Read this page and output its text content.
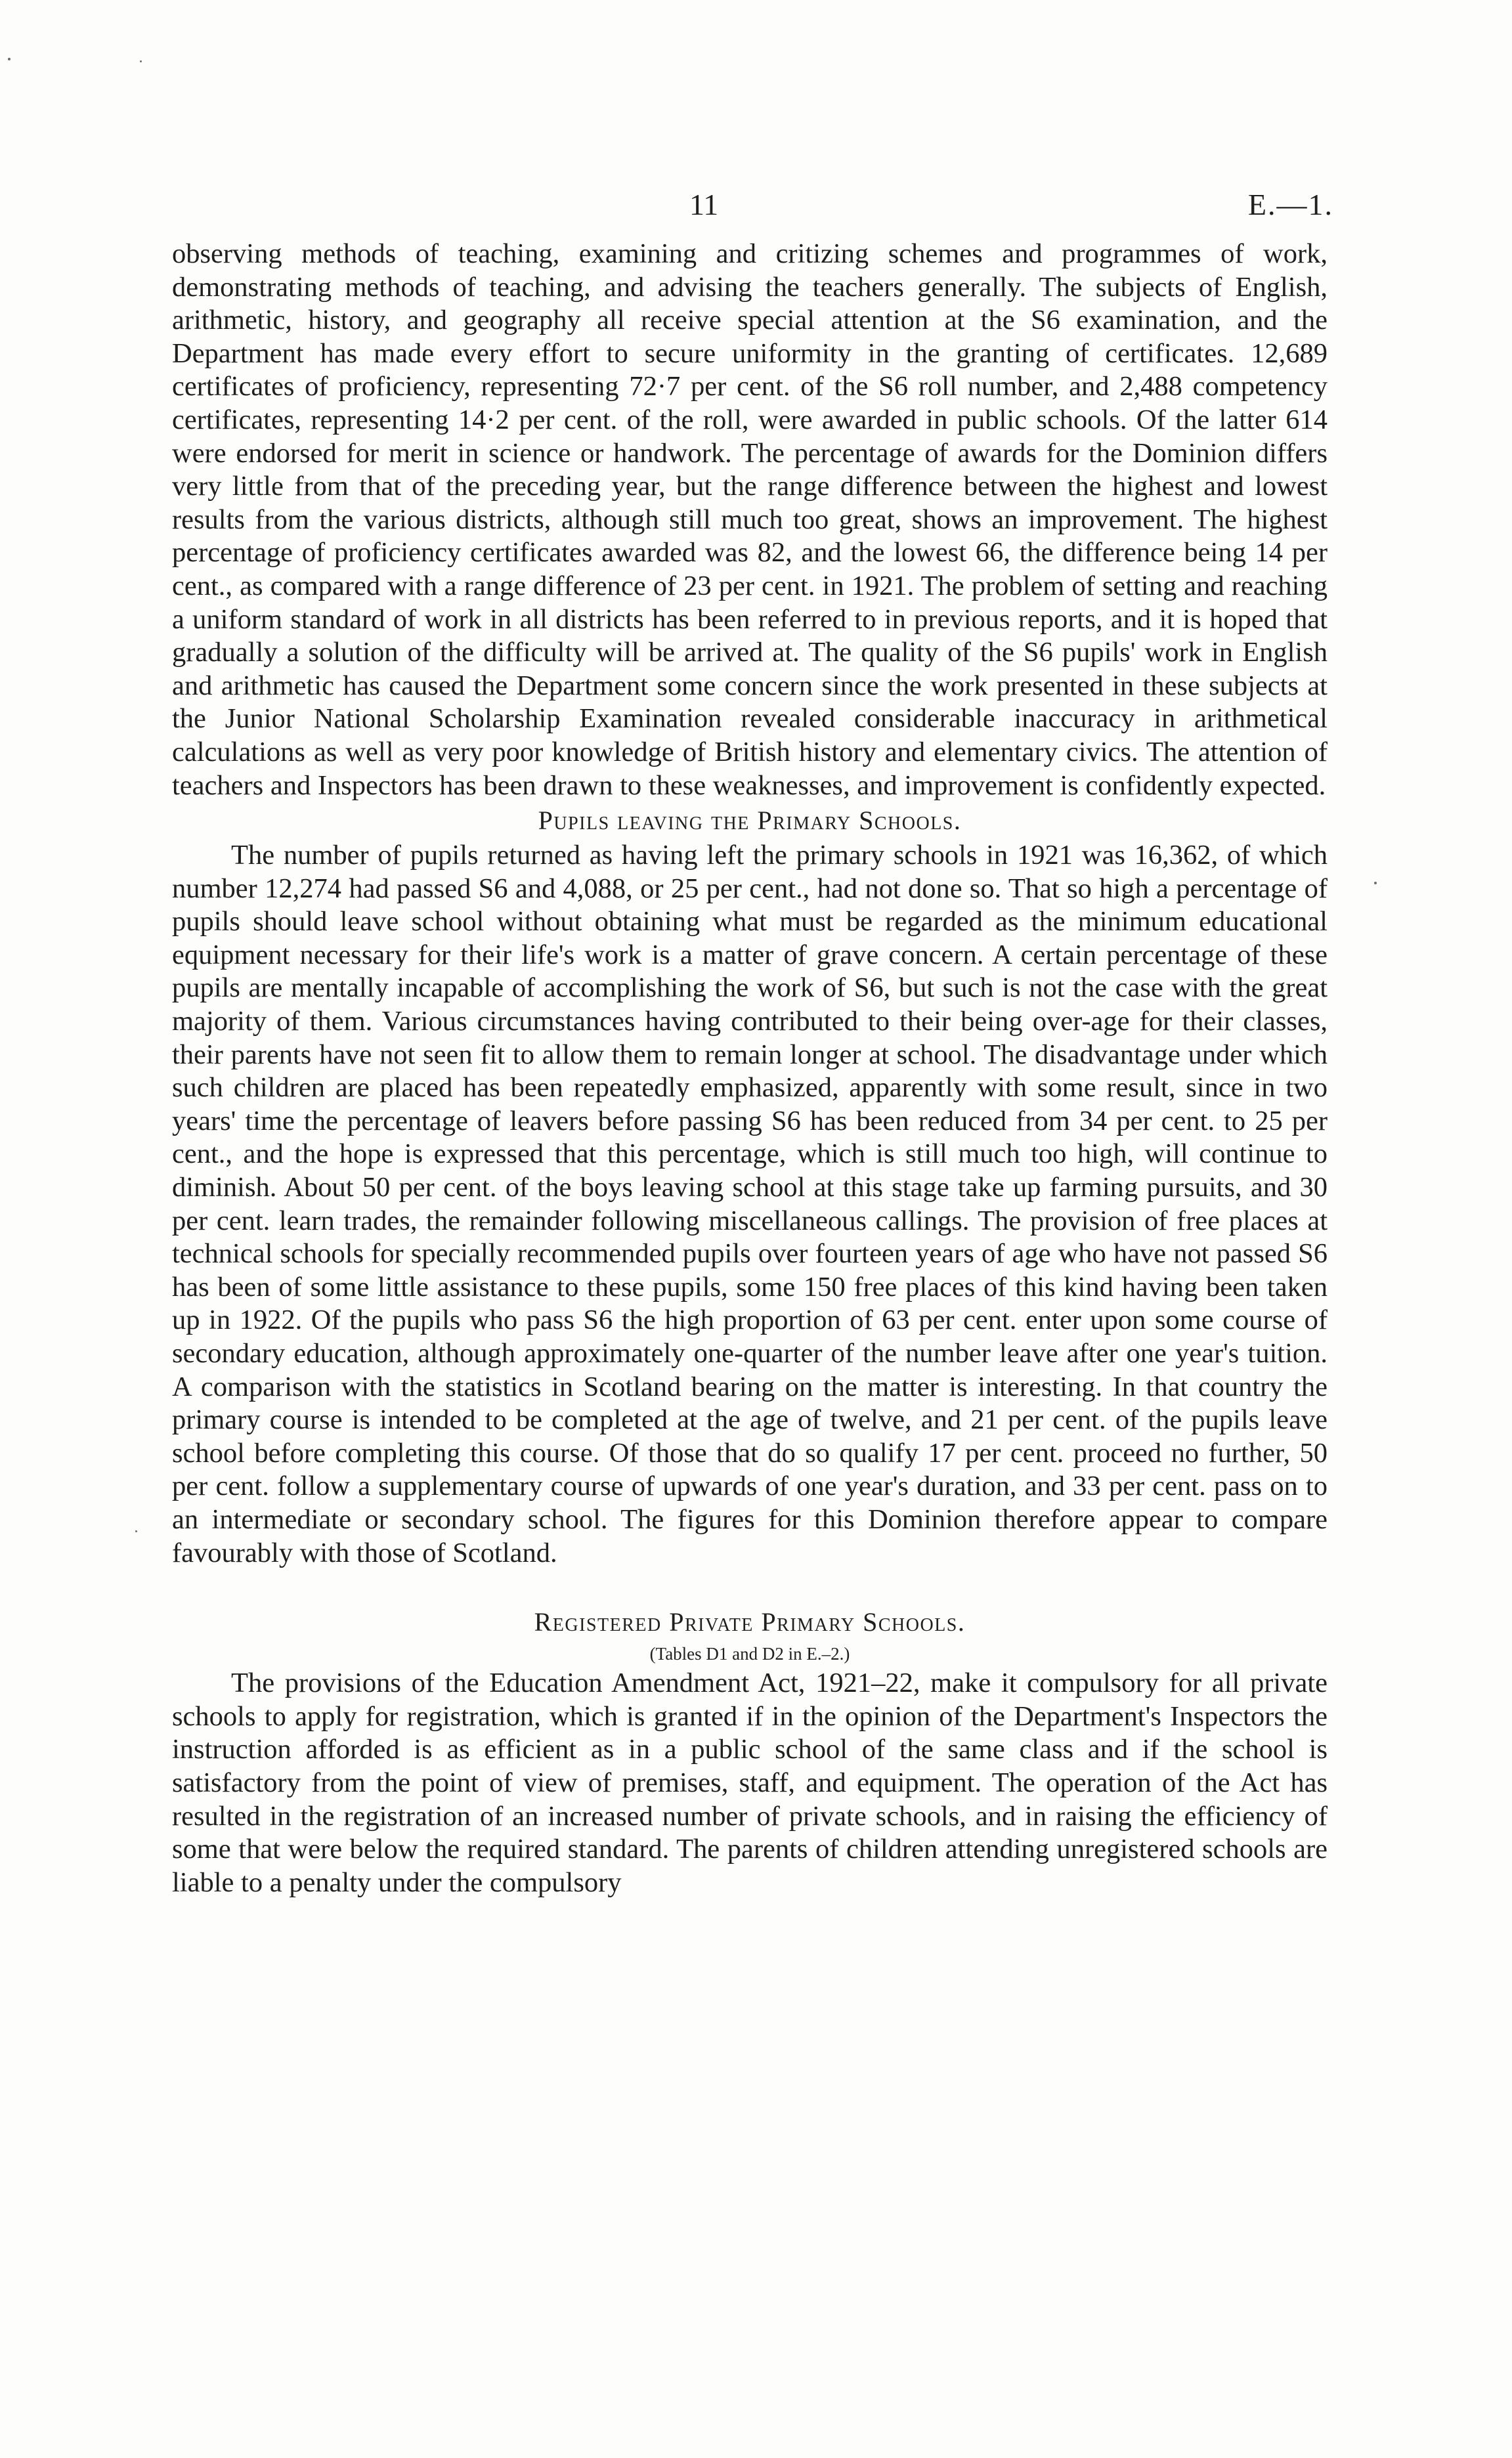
11	E.—1.

observing methods of teaching, examining and critizing schemes and programmes of work, demonstrating methods of teaching, and advising the teachers generally. The subjects of English, arithmetic, history, and geography all receive special attention at the S6 examination, and the Department has made every effort to secure uniformity in the granting of certificates. 12,689 certificates of proficiency, representing 72·7 per cent. of the S6 roll number, and 2,488 competency certificates, representing 14·2 per cent. of the roll, were awarded in public schools. Of the latter 614 were endorsed for merit in science or handwork. The percentage of awards for the Dominion differs very little from that of the preceding year, but the range difference between the highest and lowest results from the various districts, although still much too great, shows an improvement. The highest percentage of proficiency certificates awarded was 82, and the lowest 66, the difference being 14 per cent., as compared with a range difference of 23 per cent. in 1921. The problem of setting and reaching a uniform standard of work in all districts has been referred to in previous reports, and it is hoped that gradually a solution of the difficulty will be arrived at. The quality of the S6 pupils' work in English and arithmetic has caused the Department some concern since the work presented in these subjects at the Junior National Scholarship Examination revealed considerable inaccuracy in arithmetical calculations as well as very poor knowledge of British history and elementary civics. The attention of teachers and Inspectors has been drawn to these weaknesses, and improvement is confidently expected.

Pupils leaving the Primary Schools.

The number of pupils returned as having left the primary schools in 1921 was 16,362, of which number 12,274 had passed S6 and 4,088, or 25 per cent., had not done so. That so high a percentage of pupils should leave school without obtaining what must be regarded as the minimum educational equipment necessary for their life's work is a matter of grave concern. A certain percentage of these pupils are mentally incapable of accomplishing the work of S6, but such is not the case with the great majority of them. Various circumstances having contributed to their being over-age for their classes, their parents have not seen fit to allow them to remain longer at school. The disadvantage under which such children are placed has been repeatedly emphasized, apparently with some result, since in two years' time the percentage of leavers before passing S6 has been reduced from 34 per cent. to 25 per cent., and the hope is expressed that this percentage, which is still much too high, will continue to diminish. About 50 per cent. of the boys leaving school at this stage take up farming pursuits, and 30 per cent. learn trades, the remainder following miscellaneous callings. The provision of free places at technical schools for specially recommended pupils over fourteen years of age who have not passed S6 has been of some little assistance to these pupils, some 150 free places of this kind having been taken up in 1922. Of the pupils who pass S6 the high proportion of 63 per cent. enter upon some course of secondary education, although approximately one-quarter of the number leave after one year's tuition. A comparison with the statistics in Scotland bearing on the matter is interesting. In that country the primary course is intended to be completed at the age of twelve, and 21 per cent. of the pupils leave school before completing this course. Of those that do so qualify 17 per cent. proceed no further, 50 per cent. follow a supplementary course of upwards of one year's duration, and 33 per cent. pass on to an intermediate or secondary school. The figures for this Dominion therefore appear to compare favourably with those of Scotland.

Registered Private Primary Schools.
(Tables D1 and D2 in E.–2.)

The provisions of the Education Amendment Act, 1921–22, make it compulsory for all private schools to apply for registration, which is granted if in the opinion of the Department's Inspectors the instruction afforded is as efficient as in a public school of the same class and if the school is satisfactory from the point of view of premises, staff, and equipment. The operation of the Act has resulted in the registration of an increased number of private schools, and in raising the efficiency of some that were below the required standard. The parents of children attending unregistered schools are liable to a penalty under the compulsory
